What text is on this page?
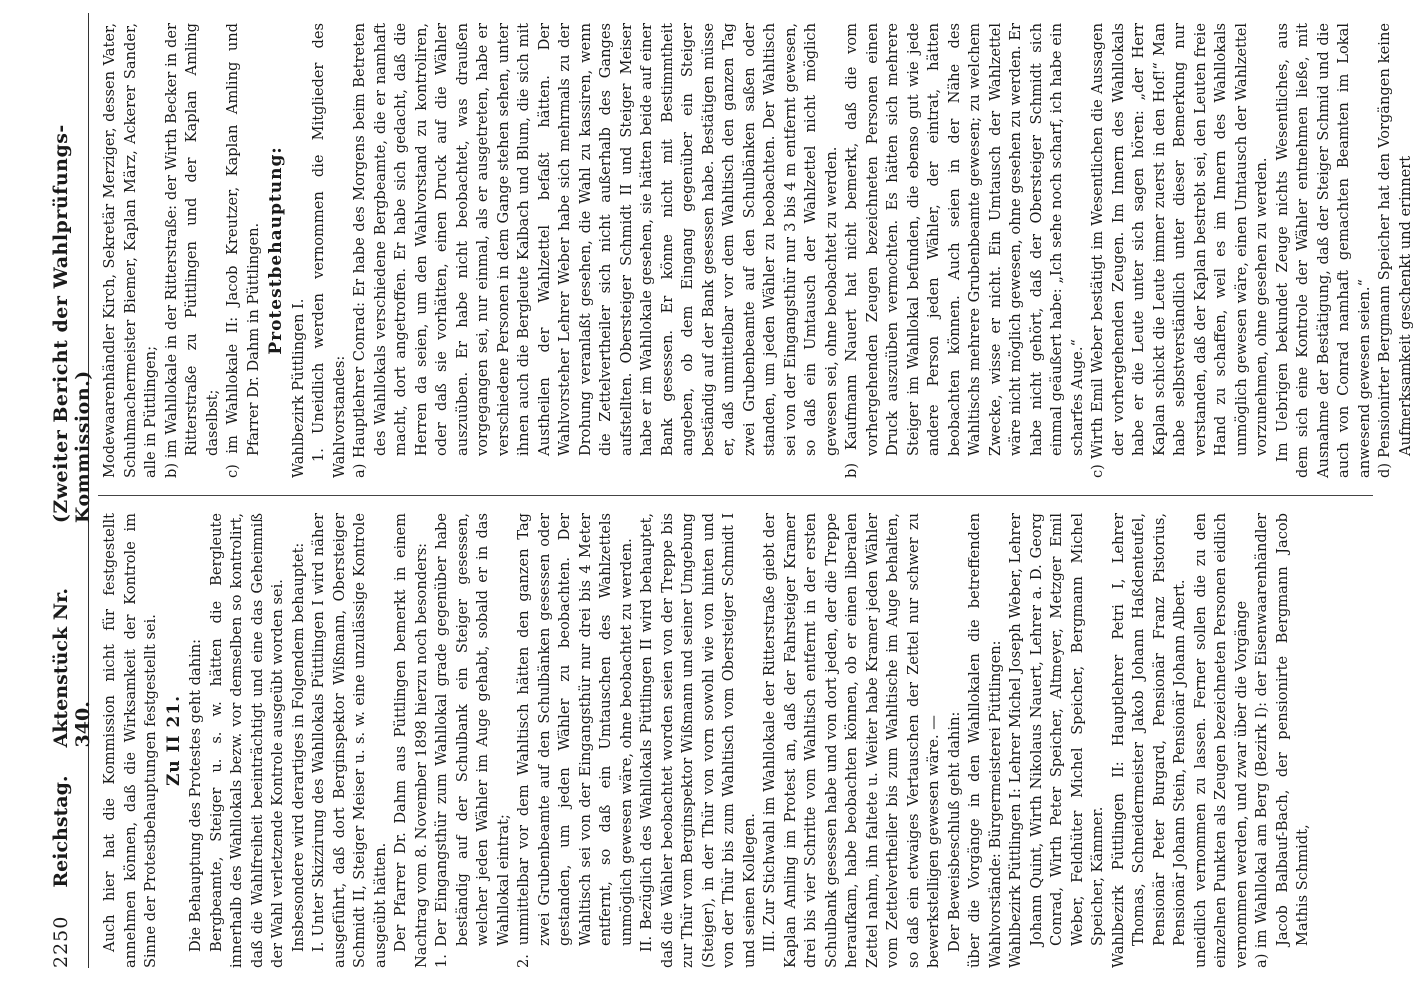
2250
Reichstag.
Aktenstück Nr. 340.
(Zweiter Bericht der Wahlprüfungs-Kommission.)

Auch hier hat die Kommission nicht für festgestellt annehmen können, daß die Wirksamkeit der Kontrole im Sinne der Protestbehauptungen festgestellt sei. Zu II 21. Die Behauptung des Protestes geht dahin: Bergbeamte, Steiger u. s. w. hätten die Bergleute innerhalb des Wahllokals bezw. vor demselben so kontrolirt, daß die Wahlfreiheit beeinträchtigt und eine das Geheimniß der Wahl verletzende Kontrole ausgeübt worden sei. Insbesondere wird derartiges in Folgendem behauptet: I. Unter Skizzirung des Wahllokals Püttlingen I wird näher ausgeführt, daß dort Berginspektor Wißmann, Obersteiger Schmidt II, Steiger Meiser u. s. w. eine unzulässige Kontrole ausgeübt hätten. Der Pfarrer Dr. Dahm aus Püttlingen bemerkt in einem Nachtrag vom 8. November 1898 hierzu noch besonders: 1. Der Eingangsthür zum Wahllokal grade gegenüber habe beständig auf der Schulbank ein Steiger gesessen, welcher jeden Wähler im Auge gehabt, sobald er in das Wahllokal eintrat; 2. unmittelbar vor dem Wahltisch hätten den ganzen Tag zwei Grubenbeamte auf den Schulbänken gesessen oder gestanden, um jeden Wähler zu beobachten. Der Wahltisch sei von der Eingangsthür nur drei bis 4 Meter entfernt, so daß ein Umtauschen des Wahlzettels unmöglich gewesen wäre, ohne beobachtet zu werden. II. Bezüglich des Wahllokals Püttlingen II wird behauptet, daß die Wähler beobachtet worden seien von der Treppe bis zur Thür vom Berginspektor Wißmann und seiner Umgebung (Steiger), in der Thür von vorn sowohl wie von hinten und von der Thür bis zum Wahltisch vom Obersteiger Schmidt I und seinen Kollegen. III. Zur Stichwahl im Wahllokale der Ritterstraße giebt der Kaplan Amling im Protest an, daß der Fahrsteiger Kramer drei bis vier Schritte vom Wahltisch entfernt in der ersten Schulbank gesessen habe und von dort jeden, der die Treppe heraufkam, habe beobachten können, ob er einen liberalen Zettel nahm, ihn faltete u. Weiter habe Kramer jeden Wähler vom Zettelvertheiler bis zum Wahltische im Auge behalten, so daß ein etwaiges Vertauschen der Zettel nur schwer zu bewerkstelligen gewesen wäre. — Der Beweisbeschluß geht dahin: über die Vorgänge in den Wahllokalen die betreffenden Wahlvorstände: Bürgermeisterei Püttlingen: Wahlbezirk Püttlingen I: Lehrer Michel Joseph Weber, Lehrer Johann Quint, Wirth Nikolaus Nauert, Lehrer a. D. Georg Conrad, Wirth Peter Speicher, Altmeyer, Metzger Emil Weber, Feldhüter Michel Speicher, Bergmann Michel Speicher, Kämmer. Wahlbezirk Püttlingen II: Hauptlehrer Petri I, Lehrer Thomas, Schneidermeister Jakob Johann Haßdenteufel, Pensionär Peter Burgard, Pensionär Franz Pistorius, Pensionär Johann Stein, Pensionär Johann Albert. uneidlich vernommen zu lassen. Ferner sollen die zu den einzelnen Punkten als Zeugen bezeichneten Personen eidlich vernommen werden, und zwar über die Vorgänge a) im Wahllokal am Berg (Bezirk I): der Eisenwaarenhändler Jacob Balbauf-Bach, der pensionirte Bergmann Jacob Mathis Schmidt,

Modewaarenhändler Kirch, Sekretär Merziger, dessen Vater, Schuhmachermeister Biemer, Kaplan März, Ackerer Sander, alle in Püttlingen; b) im Wahllokale in der Ritterstraße: der Wirth Becker in der Ritterstraße zu Püttlingen und der Kaplan Amling daselbst; c) im Wahllokale II: Jacob Kreutzer, Kaplan Amling und Pfarrer Dr. Dahm in Püttlingen. Protestbehauptung:

Wahlbezirk Püttlingen I. 1. Uneidlich werden vernommen die Mitglieder des Wahlvorstandes: a) Hauptlehrer Conrad: Er habe des Morgens beim Betreten des Wahllokals verschiedene Bergbeamte, die er namhaft macht, dort angetroffen. Er habe sich gedacht, daß die Herren da seien, um den Wahlvorstand zu kontroliren, oder daß sie vorhätten, einen Druck auf die Wähler auszuüben. Er habe nicht beobachtet, was draußen vorgegangen sei, nur einmal, als er ausgetreten, habe er verschiedene Personen in dem Gange stehen sehen, unter ihnen auch die Bergleute Kalbach und Blum, die sich mit Austheilen der Wahlzettel befaßt hätten. Der Wahlvorsteher Lehrer Weber habe sich mehrmals zu der Drohung veranlaßt gesehen, die Wahl zu kassiren, wenn die Zettelvertheiler sich nicht außerhalb des Ganges aufstellten. Obersteiger Schmidt II und Steiger Meiser habe er im Wahllokale gesehen, sie hätten beide auf einer Bank gesessen. Er könne nicht mit Bestimmtheit angeben, ob dem Eingang gegenüber ein Steiger beständig auf der Bank gesessen habe. Bestätigen müsse er, daß unmittelbar vor dem Wahltisch den ganzen Tag zwei Grubenbeamte auf den Schulbänken saßen oder standen, um jeden Wähler zu beobachten. Der Wahltisch sei von der Eingangsthür nur 3 bis 4 m entfernt gewesen, so daß ein Umtausch der Wahlzettel nicht möglich gewesen sei, ohne beobachtet zu werden. b) Kaufmann Nauert hat nicht bemerkt, daß die vom vorhergehenden Zeugen bezeichneten Personen einen Druck auszuüben vermochten. Es hätten sich mehrere Steiger im Wahllokal befunden, die ebenso gut wie jede andere Person jeden Wähler, der eintrat, hätten beobachten können. Auch seien in der Nähe des Wahltischs mehrere Grubenbeamte gewesen; zu welchem Zwecke, wisse er nicht. Ein Umtausch der Wahlzettel wäre nicht möglich gewesen, ohne gesehen zu werden. Er habe nicht gehört, daß der Obersteiger Schmidt sich einmal geäußert habe: „Ich sehe noch scharf, ich habe ein scharfes Auge.“ c) Wirth Emil Weber bestätigt im Wesentlichen die Aussagen der vorhergehenden Zeugen. Im Innern des Wahllokals habe er die Leute unter sich sagen hören: „der Herr Kaplan schickt die Leute immer zuerst in den Hof!“ Man habe selbstverständlich unter dieser Bemerkung nur verstanden, daß der Kaplan bestrebt sei, den Leuten freie Hand zu schaffen, weil es im Innern des Wahllokals unmöglich gewesen wäre, einen Umtausch der Wahlzettel vorzunehmen, ohne gesehen zu werden. Im Uebrigen bekundet Zeuge nichts Wesentliches, aus dem sich eine Kontrole der Wähler entnehmen ließe, mit Ausnahme der Bestätigung, daß der Steiger Schmid und die auch von Conrad namhaft gemachten Beamten im Lokal anwesend gewesen seien.“ d) Pensionirter Bergmann Speicher hat den Vorgängen keine Aufmerksamkeit geschenkt und erinnert
